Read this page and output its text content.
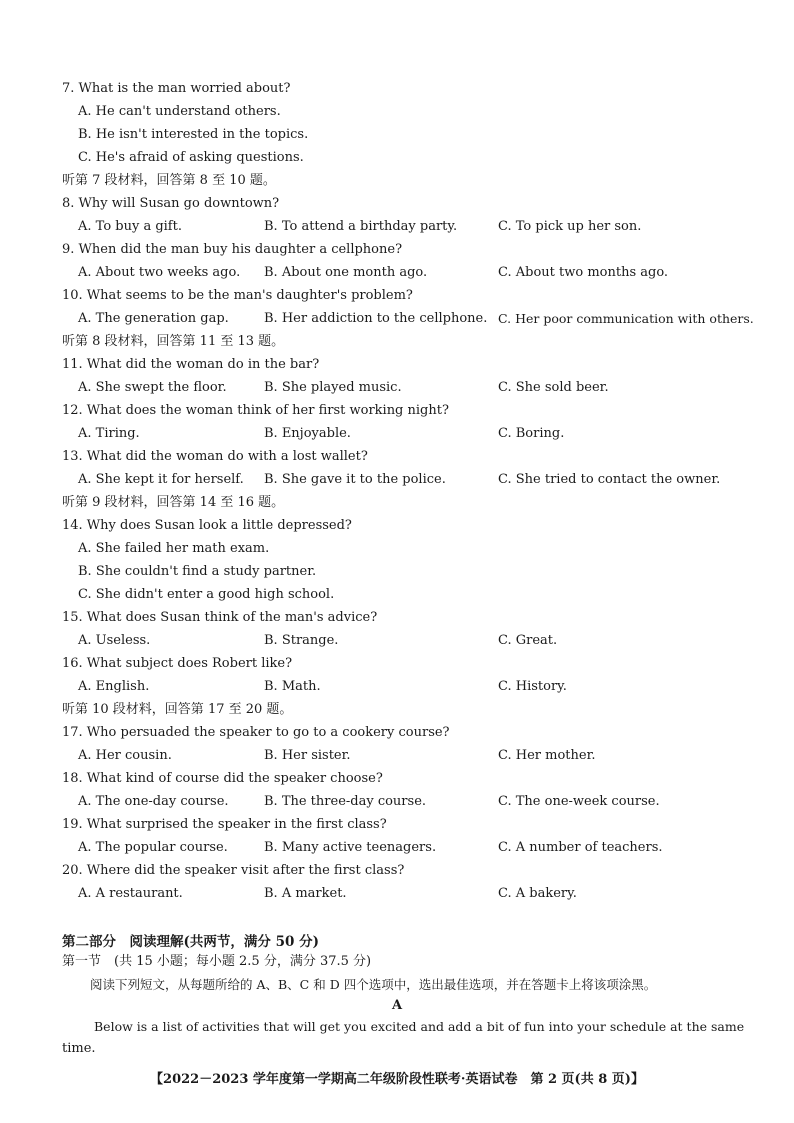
7. What is the man worried about?
A. He can't understand others.
B. He isn't interested in the topics.
C. He's afraid of asking questions.
听第 7 段材料，回答第 8 至 10 题。
8. Why will Susan go downtown?
A. To buy a gift.	B. To attend a birthday party.	C. To pick up her son.
9. When did the man buy his daughter a cellphone?
A. About two weeks ago. B. About one month ago.	C. About two months ago.
10. What seems to be the man's daughter's problem?
A. The generation gap.	B. Her addiction to the cellphone. C. Her poor communication with others.
听第 8 段材料，回答第 11 至 13 题。
11. What did the woman do in the bar?
A. She swept the floor.	B. She played music.	C. She sold beer.
12. What does the woman think of her first working night?
A. Tiring.	B. Enjoyable.	C. Boring.
13. What did the woman do with a lost wallet?
A. She kept it for herself. B. She gave it to the police.	C. She tried to contact the owner.
听第 9 段材料，回答第 14 至 16 题。
14. Why does Susan look a little depressed?
A. She failed her math exam.
B. She couldn't find a study partner.
C. She didn't enter a good high school.
15. What does Susan think of the man's advice?
A. Useless.	B. Strange.	C. Great.
16. What subject does Robert like?
A. English.	B. Math.	C. History.
听第 10 段材料，回答第 17 至 20 题。
17. Who persuaded the speaker to go to a cookery course?
A. Her cousin.	B. Her sister.	C. Her mother.
18. What kind of course did the speaker choose?
A. The one-day course.	B. The three-day course.	C. The one-week course.
19. What surprised the speaker in the first class?
A. The popular course.	B. Many active teenagers.	C. A number of teachers.
20. Where did the speaker visit after the first class?
A. A restaurant.	B. A market.	C. A bakery.
第二部分　阅读理解(共两节，满分 50 分)
第一节　(共 15 小题；每小题 2.5 分，满分 37.5 分)
阅读下列短文，从每题所给的 A、B、C 和 D 四个选项中，选出最佳选项，并在答题卡上将该项涂黑。
A
Below is a list of activities that will get you excited and add a bit of fun into your schedule at the same
time.
【2022－2023 学年度第一学期高二年级阶段性联考·英语试卷　第 2 页(共 8 页)】
